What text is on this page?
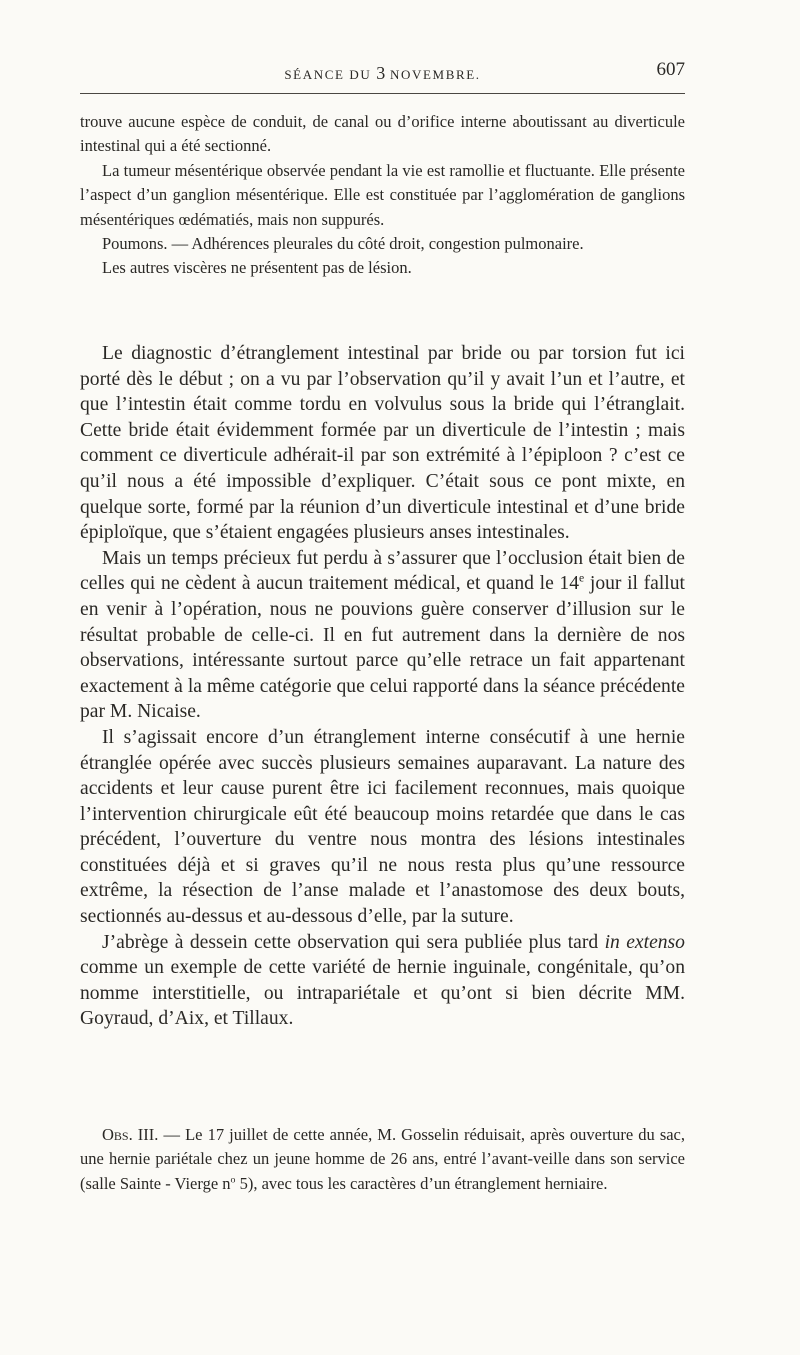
SÉANCE DU 3 NOVEMBRE.	607

trouve aucune espèce de conduit, de canal ou d’orifice interne aboutissant au diverticule intestinal qui a été sectionné.

La tumeur mésentérique observée pendant la vie est ramollie et fluctuante. Elle présente l’aspect d’un ganglion mésentérique. Elle est constituée par l’agglomération de ganglions mésentériques œdématiés, mais non suppurés.

Poumons. — Adhérences pleurales du côté droit, congestion pulmonaire.

Les autres viscères ne présentent pas de lésion.

Le diagnostic d’étranglement intestinal par bride ou par torsion fut ici porté dès le début ; on a vu par l’observation qu’il y avait l’un et l’autre, et que l’intestin était comme tordu en volvulus sous la bride qui l’étranglait. Cette bride était évidemment formée par un diverticule de l’intestin ; mais comment ce diverticule adhérait-il par son extrémité à l’épiploon ? c’est ce qu’il nous a été impossible d’expliquer. C’était sous ce pont mixte, en quelque sorte, formé par la réunion d’un diverticule intestinal et d’une bride épiploïque, que s’étaient engagées plusieurs anses intestinales.

Mais un temps précieux fut perdu à s’assurer que l’occlusion était bien de celles qui ne cèdent à aucun traitement médical, et quand le 14e jour il fallut en venir à l’opération, nous ne pouvions guère conserver d’illusion sur le résultat probable de celle-ci. Il en fut autrement dans la dernière de nos observations, intéressante surtout parce qu’elle retrace un fait appartenant exactement à la même catégorie que celui rapporté dans la séance précédente par M. Nicaise.

Il s’agissait encore d’un étranglement interne consécutif à une hernie étranglée opérée avec succès plusieurs semaines auparavant. La nature des accidents et leur cause purent être ici facilement reconnues, mais quoique l’intervention chirurgicale eût été beaucoup moins retardée que dans le cas précédent, l’ouverture du ventre nous montra des lésions intestinales constituées déjà et si graves qu’il ne nous resta plus qu’une ressource extrême, la résection de l’anse malade et l’anastomose des deux bouts, sectionnés au-dessus et au-dessous d’elle, par la suture.

J’abrège à dessein cette observation qui sera publiée plus tard in extenso comme un exemple de cette variété de hernie inguinale, congénitale, qu’on nomme interstitielle, ou intrapariétale et qu’ont si bien décrite MM. Goyraud, d’Aix, et Tillaux.

Obs. III. — Le 17 juillet de cette année, M. Gosselin réduisait, après ouverture du sac, une hernie pariétale chez un jeune homme de 26 ans, entré l’avant-veille dans son service (salle Sainte - Vierge $n^o$ 5), avec tous les caractères d’un étranglement herniaire.
